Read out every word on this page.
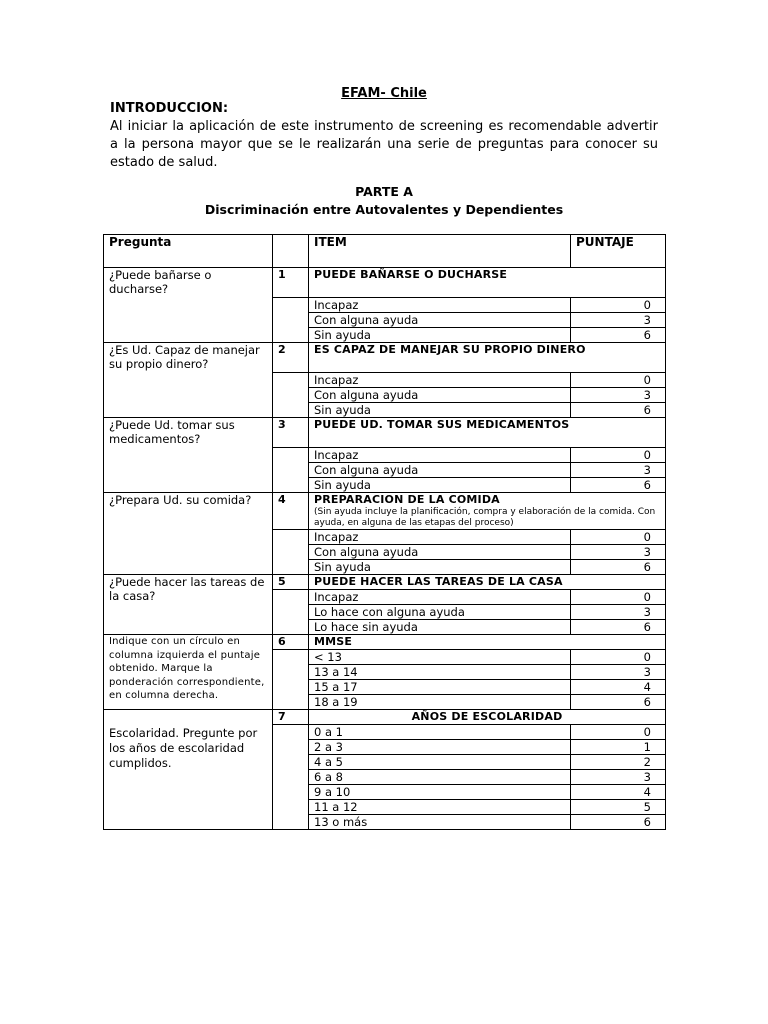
EFAM- Chile
INTRODUCCION:
Al iniciar la aplicación de este instrumento de screening es recomendable advertir a la persona mayor que se le realizarán una serie de preguntas para conocer su estado de salud.
PARTE A
Discriminación entre Autovalentes y Dependientes
Pregunta		ITEM	PUNTAJE
¿Puede bañarse o ducharse?	1	PUEDE BAÑARSE O DUCHARSE	
		Incapaz	0
		Con alguna ayuda	3
		Sin ayuda	6
¿Es Ud. Capaz de manejar su propio dinero?	2	ES CAPAZ DE MANEJAR SU PROPIO DINERO	
		Incapaz	0
		Con alguna ayuda	3
		Sin ayuda	6
¿Puede Ud. tomar sus medicamentos?	3	PUEDE UD. TOMAR SUS MEDICAMENTOS	
		Incapaz	0
		Con alguna ayuda	3
		Sin ayuda	6
¿Prepara Ud. su comida?	4	PREPARACION DE LA COMIDA
(Sin ayuda incluye la planificación, compra y elaboración de la comida. Con ayuda, en alguna de las etapas del proceso)	

		Incapaz	0
		Con alguna ayuda	3
		Sin ayuda	6
¿Puede hacer las tareas de la casa?	5	PUEDE HACER LAS TAREAS DE LA CASA	
		Incapaz	0
		Lo hace con alguna ayuda	3
		Lo hace sin ayuda	6
Indique con un círculo en columna izquierda el puntaje obtenido. Marque la ponderación correspondiente, en columna derecha.	6	MMSE	
		< 13	0
		13 a 14	3
		15 a 17	4
		18 a 19	6

Escolaridad. Pregunte por los años de escolaridad cumplidos.	7	AÑOS DE ESCOLARIDAD	
		0 a 1	0
		2 a 3	1
		4 a 5	2
		6 a 8	3
		9 a 10	4
		11 a 12	5
		13 o más	6
